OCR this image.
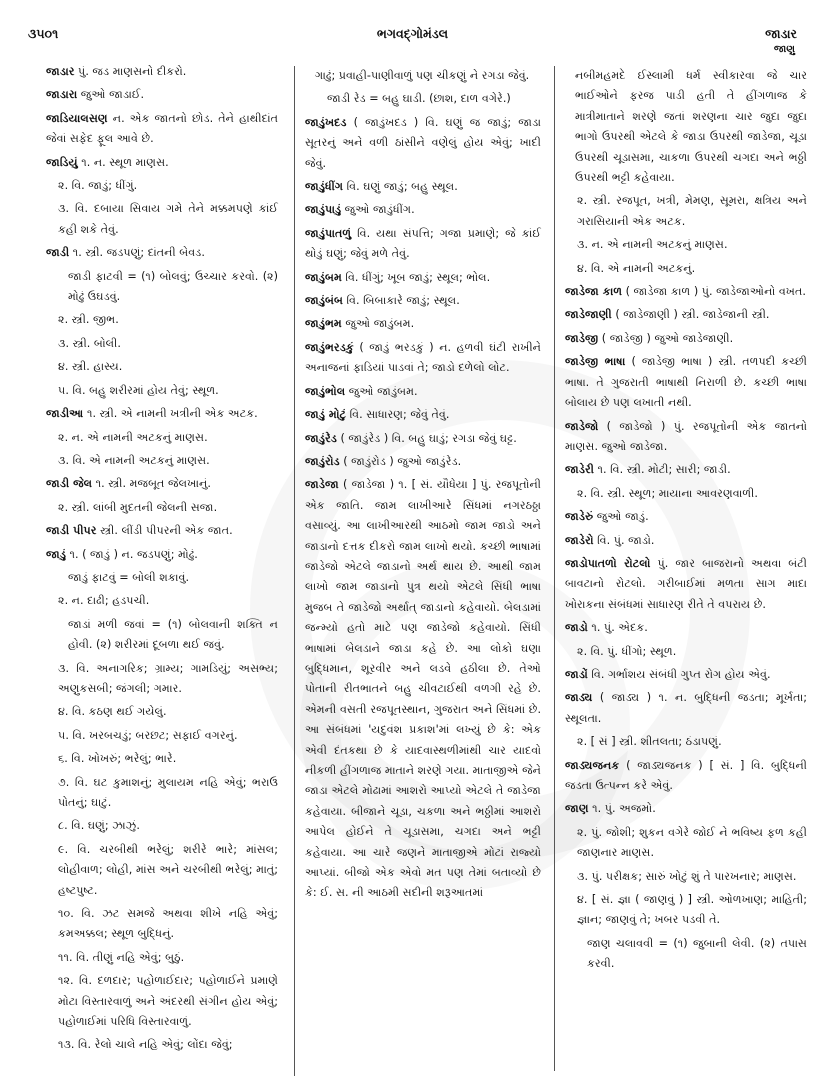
૩૫૦૧	ભગવદ્ગોમંડલ	જાડાર
જાણુ
જાડાર પું. જડ માણસનો દીકરો.
જાડારા જુઓ જાડાઈ.
જાડિયાલસણ ન. એક જાતનો છોડ. તેને હાથીદાંત જેવાં સફેદ ફૂલ આવે છે.
જાડિયું ૧. ન. સ્થૂળ માણસ.
૨. વિ. જાડું; ધીંગું.
૩. વિ. દબાયા સિવાય ગમે તેને મક્કમપણે કાંઈ કહી શકે તેવું.
જાડી ૧. સ્ત્રી. જડપણું; દાંતની બેવડ.
જાડી ફાટવી = (૧) બોલવું; ઉચ્ચાર કરવો. (૨) મોઢું ઉઘડવું.
૨. સ્ત્રી. જીભ.
૩. સ્ત્રી. બોલી.
૪. સ્ત્રી. હાસ્ય.
૫. વિ. બહુ શરીરમાં હોય તેવું; સ્થૂળ.
જાડીઆ ૧. સ્ત્રી. એ નામની ખત્રીની એક અટક.
૨. ન. એ નામની અટકનું માણસ.
૩. વિ. એ નામની અટકનું માણસ.
જાડી જેલ ૧. સ્ત્રી. મજબૂત જેલખાનું.
૨. સ્ત્રી. લાંબી મુદતની જેલની સજા.
જાડી પીપર સ્ત્રી. લીંડી પીપરની એક જાત.
જાડું ૧. ( જાડું ) ન. જડપણું; મોઢું.
જાડું ફાટવું = બોલી શકાવું.
૨. ન. દાઢી; હડપચી.
જાડાં મળી જવાં = (૧) બોલવાની શક્તિ ન હોવી. (૨) શરીરમાં દૂબળા થઈ જવું.
૩. વિ. અનાગરિક; ગ્રામ્ય; ગામડિયું; અસભ્ય; અણુકસબી; જંગલી; ગમાર.
૪. વિ. કઠણ થઈ ગયેલું.
૫. વિ. ખરબચડું; બરછટ; સફાઈ વગરનું.
૬. વિ. ખોખરું; ભરેલું; ભારે.
૭. વિ. ઘટ કુમાશનું; મુલાયમ નહિ એવું; ભરાઉ પોતનું; ઘાટું.
૮. વિ. ઘણું; ઝાઝું.
૯. વિ. ચરબીથી ભરેલું; શરીરે ભારે; માંસલ; લોહીવાળ; લોહી, માંસ અને ચરબીથી ભરેલું; માતું; હષ્ટપુષ્ટ.
૧૦. વિ. ઝટ સમજે અથવા શીખે નહિ એવું; કમઅક્કલ; સ્થૂળ બુદ્ધિનું.
૧૧. વિ. તીણું નહિ એવું; બુઠું.
૧૨. વિ. દળદાર; પહોળાઈદાર; પહોળાઈને પ્રમાણે મોટા વિસ્તારવાળું અને અંદરથી સંગીન હોય એવું; પહોળાઈમાં પરિધિ વિસ્તારવાળું.
૧૩. વિ. રેલો ચાલે નહિ એવું; લોંદા જેવું;
ગાઢું; પ્રવાહી-પાણીવાળું પણ ચીકણું ને રગડા જેવું.
જાડી રેડ = બહુ ઘાડી. (છાશ, દાળ વગેરે.)
જાડુંખદડ ( જાડુંખદડ ) વિ. ઘણું જ જાડું; જાડા સૂતરનું અને વળી ઠાંસીને વણેલું હોય એવું; ખાદી જેવું.
જાડુંધીંગ વિ. ઘણું જાડું; બહુ સ્થૂલ.
જાડુંપાડું જુઓ જાડુંધીંગ.
જાડુંપાતળું વિ. યથા સંપત્તિ; ગજા પ્રમાણે; જે કાંઈ થોડું ઘણું; જેવું મળે તેવું.
જાડુંબમ વિ. ધીંગું; ખૂબ જાડું; સ્થૂલ; ભોલ.
જાડુંબંબ વિ. બિબાકારે જાડું; સ્થૂલ.
જાડુંભમ જુઓ જાડુંબમ.
જાડુંભરડકું ( જાડું ભરડકું ) ન. હળવી ઘંટી રાખીને અનાજનાં ફાડિયાં પાડવાં તે; જાડો દળેલો લોટ.
જાડુંભોલ જુઓ જાડુંબમ.
જાડું મોટું વિ. સાધારણ; જેવું તેવું.
જાડુંરેડ ( જાડુંરેડ ) વિ. બહુ ઘાડું; રગડા જેવું ઘટ્ટ.
જાડુંરોડ ( જાડુંરોડ ) જુઓ જાડુંરેડ.
જાડેજા ( જાડેજા ) ૧. [ સં. યૌધેયા ] પું. રજપૂતોની એક જાતિ. જામ લાખીઆરે સિંધમાં નગરઠઠ્ઠા વસાવ્યું. આ લાખીઆરથી આઠમો જામ જાડો અને જાડાનો દત્તક દીકરો જામ લાખો થયો. કચ્છી ભાષામાં જાડેજો એટલે જાડાનો અર્થ થાય છે. આથી જામ લાખો જામ જાડાનો પુત્ર થયો એટલે સિંધી ભાષા મુજબ તે જાડેજો અર્થાત્ જાડાનો કહેવાયો. બેલડામાં જન્મ્યો હતો માટે પણ જાડેજો કહેવાયો. સિંધી ભાષામાં બેલડાને જાડા કહે છે. આ લોકો ઘણા બુદ્ધિમાન, શૂરવીર અને લડવે હઠીલા છે. તેઓ પોતાની રીતભાતને બહુ ચીવટાઈથી વળગી રહે છે. એમની વસતી રજપૂતસ્થાન, ગુજરાત અને સિંધમાં છે. આ સંબંધમાં 'યદુવંશ પ્રકાશ'માં લખ્યું છે કે: એક એવી દંતકથા છે કે યાદવાસ્થળીમાંથી ચાર યાદવો નીકળી હીંગળાજ માતાને શરણે ગયા. માતાજીએ જેને જાડા એટલે મોઢામાં આશરો આપ્યો એટલે તે જાડેજા કહેવાયા. બીજાને ચૂડા, ચકળા અને ભઠ્ઠીમાં આશરો આપેલ હોઈને તે ચૂડાસમા, ચગદા અને ભટ્ટી કહેવાયા. આ ચારે જણને માતાજીએ મોટાં રાજ્યો આપ્યાં. બીજો એક એવો મત પણ તેમાં બતાવ્યો છે કે: ઈ. સ. ની આઠમી સદીની શરૂઆતમાં
નબીમહમદે ઈસ્લામી ધર્મ સ્વીકારવા જે ચાર ભાઈઓને ફરજ પાડી હતી તે હીંગળાજ કે માત્રીમાતાને શરણે જતાં શરણના ચાર જુદા જુદા ભાગો ઉપરથી એટલે કે જાડા ઉપરથી જાડેજા, ચૂડા ઉપરથી ચૂડાસમા, ચાકળા ઉપરથી ચગદા અને ભઠ્ઠી ઉપરથી ભટ્ટી કહેવાયા.
૨. સ્ત્રી. રજપૂત, ખત્રી, મેમણ, સૂમરા, ક્ષત્રિય અને ગરાસિયાની એક અટક.
૩. ન. એ નામની અટકનું માણસ.
૪. વિ. એ નામની અટકનું.
જાડેજા કાળ ( જાડેજા કાળ ) પું. જાડેજાઓનો વખત.
જાડેજાણી ( જાડેજાણી ) સ્ત્રી. જાડેજાની સ્ત્રી.
જાડેજી ( જાડેજી ) જુઓ જાડેજાણી.
જાડેજી ભાષા ( જાડેજી ભાષા ) સ્ત્રી. તળપદી કચ્છી ભાષા. તે ગુજરાતી ભાષાથી નિરાળી છે. કચ્છી ભાષા બોલાય છે પણ લખાતી નથી.
જાડેજો ( જાડેજો ) પું. રજપૂતોની એક જાતનો માણસ. જુઓ જાડેજા.
જાડેરી ૧. વિ. સ્ત્રી. મોટી; સારી; જાડી.
૨. વિ. સ્ત્રી. સ્થૂળ; માયાના આવરણવાળી.
જાડેરું જુઓ જાડું.
જાડેરો વિ. પું. જાડો.
જાડોપાતળો રોટલો પું. જાર બાજરાનો અથવા બંટી બાવટાનો રોટલો. ગરીબાઈમાં મળતા સાગ માદા ખોરાકના સંબંધમાં સાધારણ રીતે તે વપરાય છે.
જાડો ૧. પું. એદક.
૨. વિ. પું. ધીંગો; સ્થૂળ.
જાડોં વિ. ગર્ભાશય સંબંધી ગુપ્ત રોગ હોય એવું.
જાડ્ય ( જાડ્ય ) ૧. ન. બુદ્ધિની જડતા; મૂર્ખતા; સ્થૂલતા.
૨. [ સં ] સ્ત્રી. શીતલતા; ઠંડાપણું.
જાડ્યજનક ( જાડ્યજનક ) [ સં. ] વિ. બુદ્ધિની જડતા ઉત્પન્ન કરે એવું.
જાણ ૧. પું. અજમો.
૨. પું. જોશી; શુકન વગેરે જોઈ ને ભવિષ્ય ફળ કહી જાણનાર માણસ.
૩. પું. પરીક્ષક; સારું ખોટું શું તે પારખનાર; માણસ.
૪. [ સં. જ્ઞા ( જાણવું ) ] સ્ત્રી. ઓળખાણ; માહિતી; જ્ઞાન; જાણવું તે; ખબર પડવી તે.
જાણ ચલાવવી = (૧) જુબાની લેવી. (૨) તપાસ કરવી.
